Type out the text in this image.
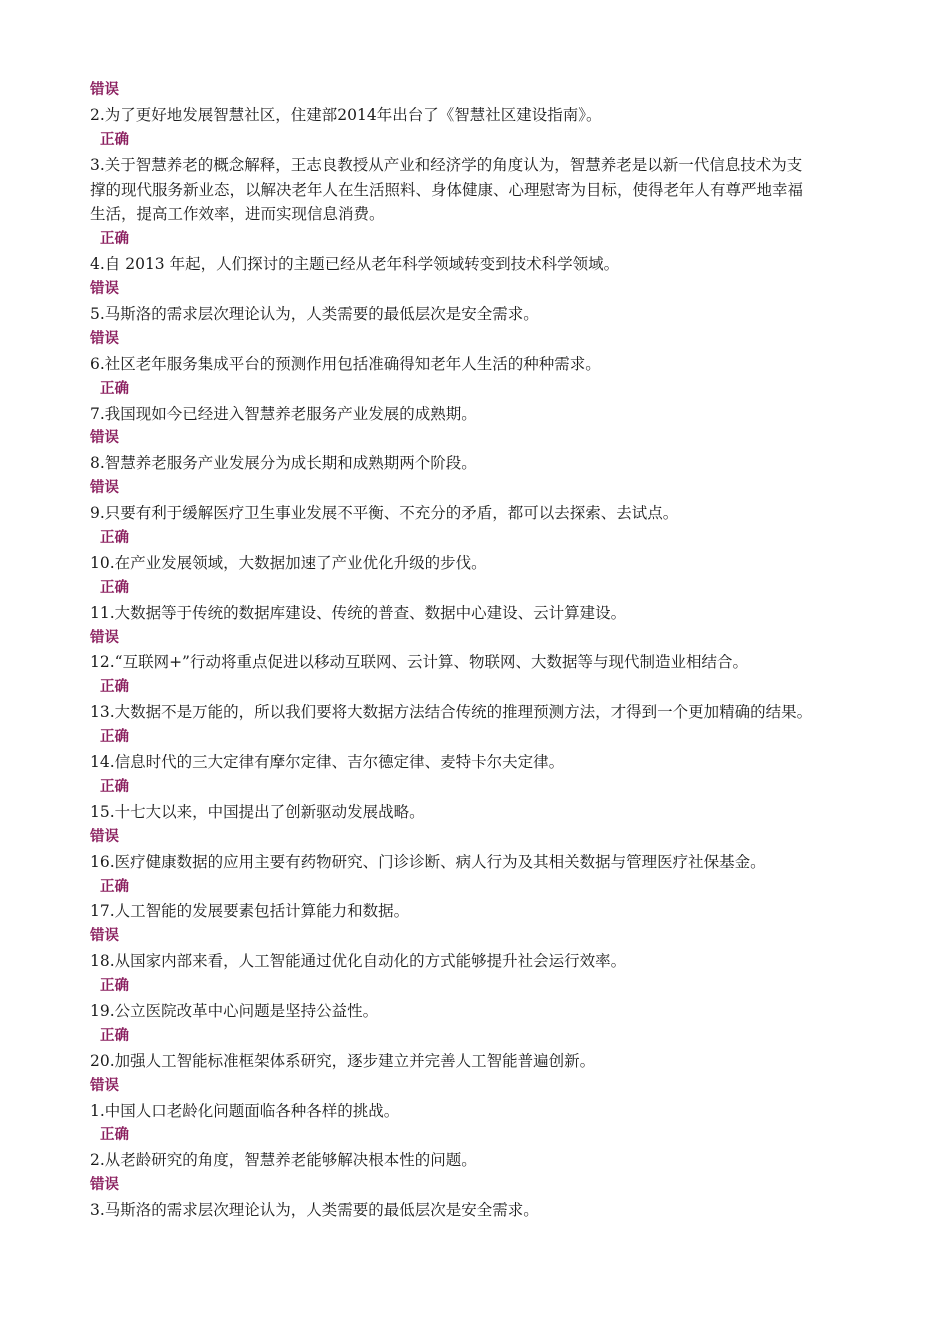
错误
2.为了更好地发展智慧社区，住建部2014年出台了《智慧社区建设指南》。
正确
3.关于智慧养老的概念解释，王志良教授从产业和经济学的角度认为，智慧养老是以新一代信息技术为支
撑的现代服务新业态，以解决老年人在生活照料、身体健康、心理慰寄为目标，使得老年人有尊严地幸福
生活，提高工作效率，进而实现信息消费。
正确
4.自 2013 年起，人们探讨的主题已经从老年科学领域转变到技术科学领域。
错误
5.马斯洛的需求层次理论认为，人类需要的最低层次是安全需求。
错误
6.社区老年服务集成平台的预测作用包括准确得知老年人生活的种种需求。
正确
7.我国现如今已经进入智慧养老服务产业发展的成熟期。
错误
8.智慧养老服务产业发展分为成长期和成熟期两个阶段。
错误
9.只要有利于缓解医疗卫生事业发展不平衡、不充分的矛盾，都可以去探索、去试点。
正确
10.在产业发展领域，大数据加速了产业优化升级的步伐。
正确
11.大数据等于传统的数据库建设、传统的普查、数据中心建设、云计算建设。
错误
12.“互联网+”行动将重点促进以移动互联网、云计算、物联网、大数据等与现代制造业相结合。
正确
13.大数据不是万能的，所以我们要将大数据方法结合传统的推理预测方法，才得到一个更加精确的结果。
正确
14.信息时代的三大定律有摩尔定律、吉尔德定律、麦特卡尔夫定律。
正确
15.十七大以来，中国提出了创新驱动发展战略。
错误
16.医疗健康数据的应用主要有药物研究、门诊诊断、病人行为及其相关数据与管理医疗社保基金。
正确
17.人工智能的发展要素包括计算能力和数据。
错误
18.从国家内部来看，人工智能通过优化自动化的方式能够提升社会运行效率。
正确
19.公立医院改革中心问题是坚持公益性。
正确
20.加强人工智能标准框架体系研究，逐步建立并完善人工智能普遍创新。
错误
1.中国人口老龄化问题面临各种各样的挑战。
正确
2.从老龄研究的角度，智慧养老能够解决根本性的问题。
错误
3.马斯洛的需求层次理论认为，人类需要的最低层次是安全需求。
